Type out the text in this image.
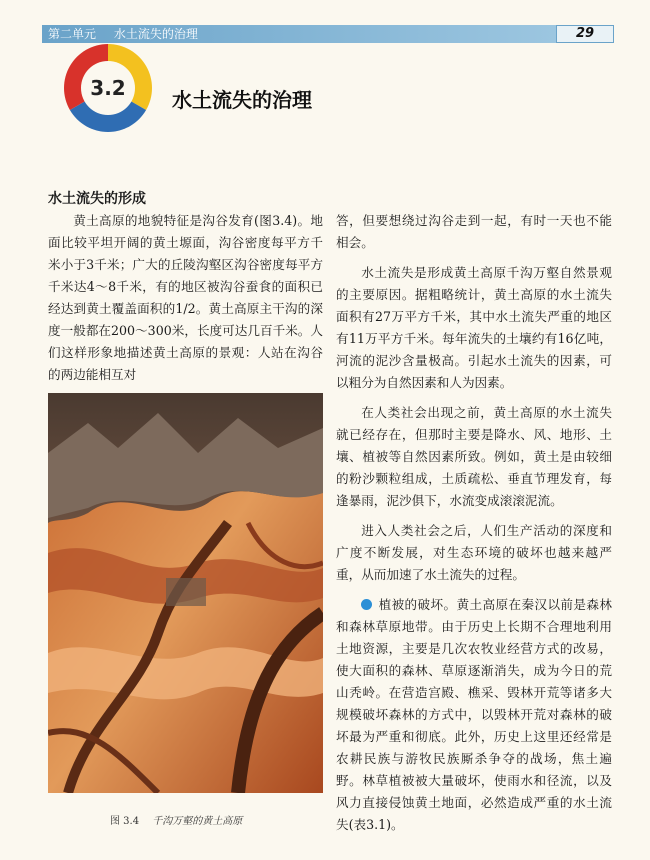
第二单元 水土流失的治理	29
3.2	水土流失的治理
水土流失的形成

黄土高原的地貌特征是沟谷发育(图3.4)。地面比较平坦开阔的黄土塬面，沟谷密度每平方千米小于3千米；广大的丘陵沟壑区沟谷密度每平方千米达4～8千米，有的地区被沟谷蚕食的面积已经达到黄土覆盖面积的1/2。黄土高原主干沟的深度一般都在200～300米，长度可达几百千米。人们这样形象地描述黄土高原的景观：人站在沟谷的两边能相互对

图 3.4 千沟万壑的黄土高原

答，但要想绕过沟谷走到一起，有时一天也不能相会。

水土流失是形成黄土高原千沟万壑自然景观的主要原因。据粗略统计，黄土高原的水土流失面积有27万平方千米，其中水土流失严重的地区有11万平方千米。每年流失的土壤约有16亿吨，河流的泥沙含量极高。引起水土流失的因素，可以粗分为自然因素和人为因素。

在人类社会出现之前，黄土高原的水土流失就已经存在，但那时主要是降水、风、地形、土壤、植被等自然因素所致。例如，黄土是由较细的粉沙颗粒组成，土质疏松、垂直节理发育，每逢暴雨，泥沙俱下，水流变成滚滚泥流。

进入人类社会之后，人们生产活动的深度和广度不断发展，对生态环境的破坏也越来越严重，从而加速了水土流失的过程。

植被的破坏。黄土高原在秦汉以前是森林和森林草原地带。由于历史上长期不合理地利用土地资源，主要是几次农牧业经营方式的改易，使大面积的森林、草原逐渐消失，成为今日的荒山秃岭。在营造宫殿、樵采、毁林开荒等诸多大规模破坏森林的方式中，以毁林开荒对森林的破坏最为严重和彻底。此外，历史上这里还经常是农耕民族与游牧民族厮杀争夺的战场，焦土遍野。林草植被被大量破坏，使雨水和径流，以及风力直接侵蚀黄土地面，必然造成严重的水土流失(表3.1)。
